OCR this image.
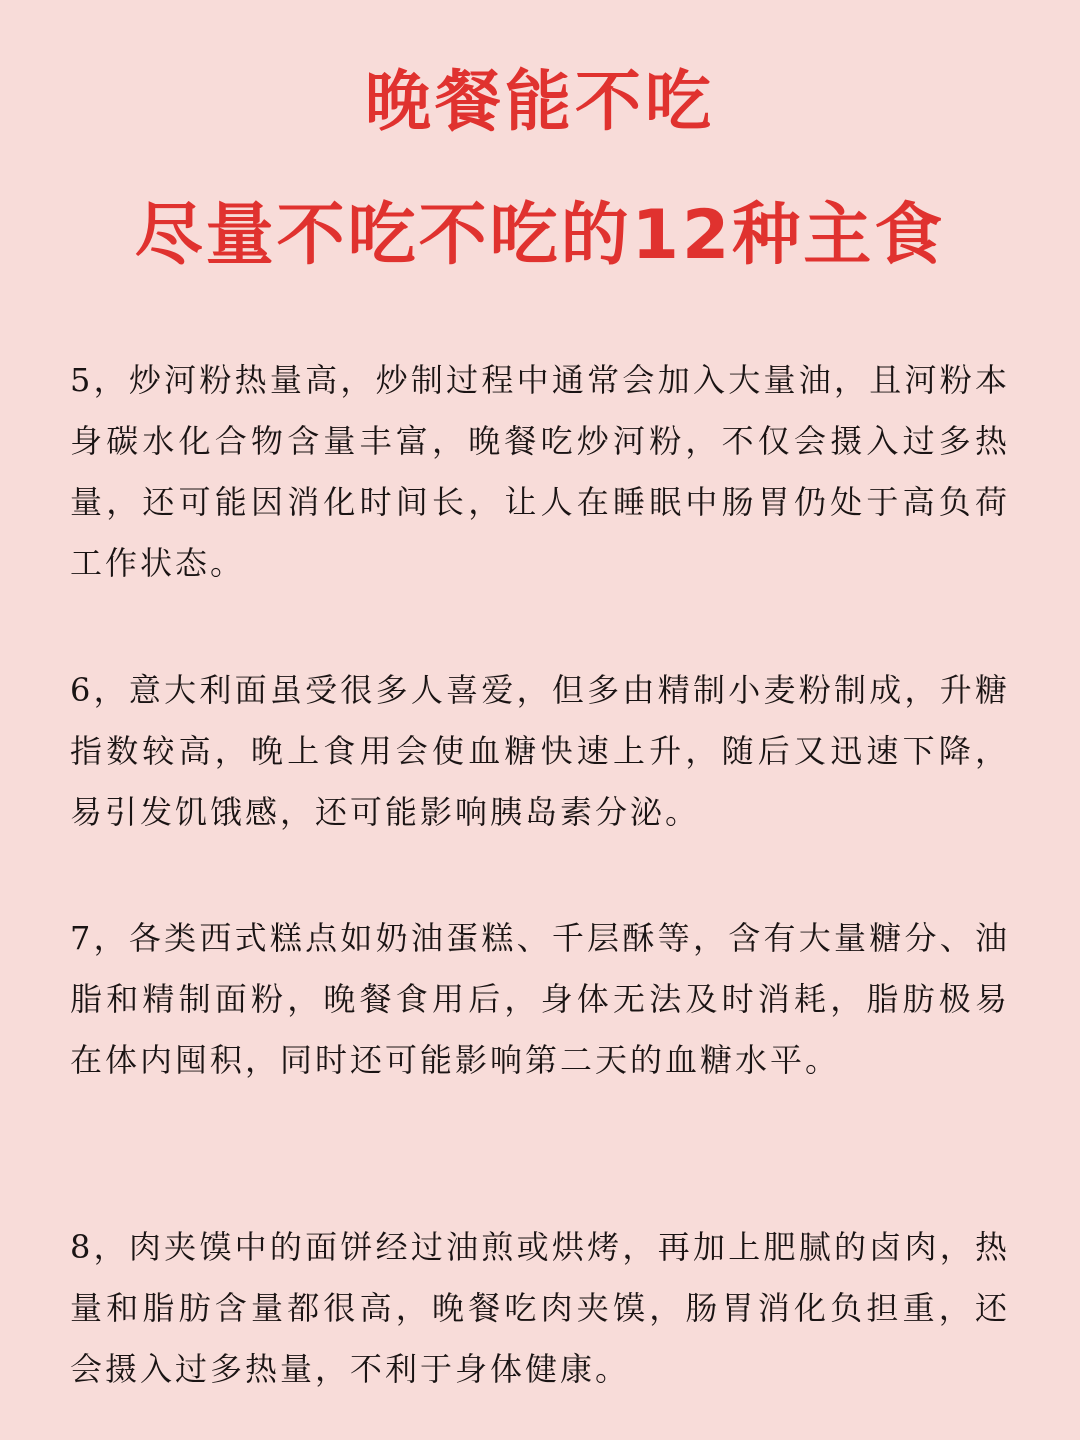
晚餐能不吃
尽量不吃不吃的12种主食

5，炒河粉热量高，炒制过程中通常会加入大量油，且河粉本身碳水化合物含量丰富，晚餐吃炒河粉，不仅会摄入过多热量，还可能因消化时间长，让人在睡眠中肠胃仍处于高负荷工作状态。

6，意大利面虽受很多人喜爱，但多由精制小麦粉制成，升糖指数较高，晚上食用会使血糖快速上升，随后又迅速下降，易引发饥饿感，还可能影响胰岛素分泌。

7，各类西式糕点如奶油蛋糕、千层酥等，含有大量糖分、油脂和精制面粉，晚餐食用后，身体无法及时消耗，脂肪极易在体内囤积，同时还可能影响第二天的血糖水平。

8，肉夹馍中的面饼经过油煎或烘烤，再加上肥腻的卤肉，热量和脂肪含量都很高，晚餐吃肉夹馍，肠胃消化负担重，还会摄入过多热量，不利于身体健康。
